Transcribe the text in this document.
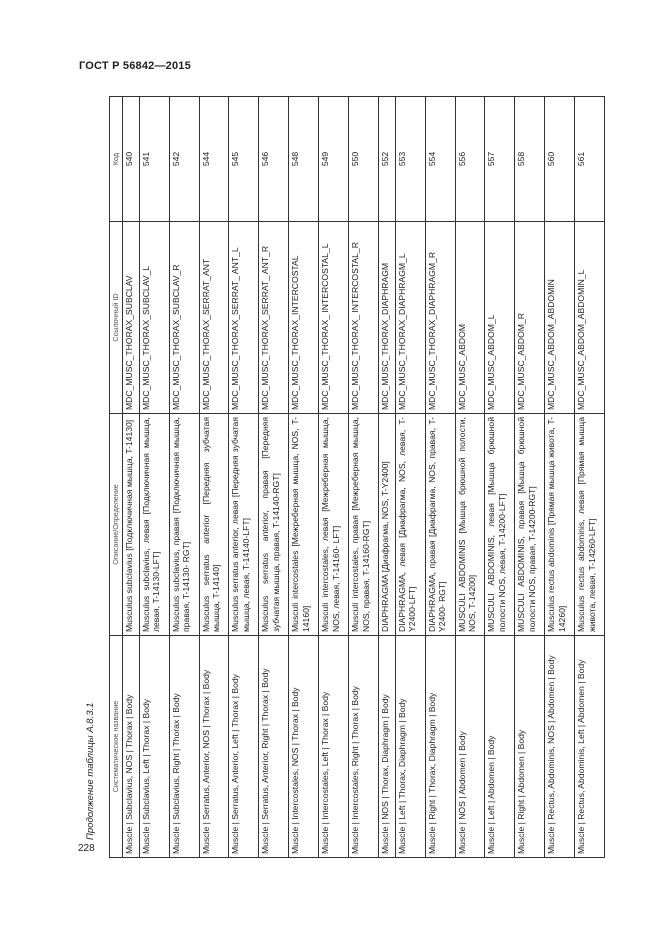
ГОСТ Р 56842—2015
Продолжение таблицы А.8.3.1
228
Систематическое название	Описание/Определение	Ссылочный ID	Код
Muscle | Subclavius, NOS | Thorax | Body	Musculus subclavius [Подключичная мышца, T-14130]	MDC_MUSC_THORAX_SUBCLAV	540
Muscle | Subclavius, Left | Thorax | Body	Musculus subclavius, левая [Подключичная мышца, левая, T-14130-LFT]	MDC_MUSC_THORAX_SUBCLAV_L	541
Muscle | Subclavius, Right | Thorax | Body	Musculus subclavius, правая [Подключичная мышца, правая, T-14130- RGT]	MDC_MUSC_THORAX_SUBCLAV_R	542
Muscle | Serratus, Anterior, NOS | Thorax | Body	Musculus serratus anterior [Передняя зубчатая мышца, T-14140]	MDC_MUSC_THORAX_SERRAT_ANT	544
Muscle | Serratus, Anterior, Left | Thorax | Body	Musculus serratus anterior, левая [Передняя зубчатая мышца, левая, T-14140-LFT]	MDC_MUSC_THORAX_SERRAT_ ANT_L	545
Muscle | Serratus, Anterior, Right | Thorax | Body	Musculus serratus anterior, правая [Передняя зубчатая мышца, правая, T-14140-RGT]	MDC_MUSC_THORAX_SERRAT_ ANT_R	546
Muscle | Intercostales, NOS | Thorax | Body	Musculi intercostales [Межреберная мышца, NOS, T-14160]	MDC_MUSC_THORAX_INTERCOSTAL	548
Muscle | Intercostales, Left | Thorax | Body	Musculi intercostales, левая [Межреберная мышца, NOS, левая, T-14160- LFT]	MDC_MUSC_THORAX_ INTERCOSTAL_L	549
Muscle | Intercostales, Right | Thorax | Body	Musculi intercostales, правая [Межреберная мышца, NOS, правая, T-14160-RGT]	MDC_MUSC_THORAX_ INTERCOSTAL_R	550
Muscle | NOS | Thorax, Diaphragm | Body	DIAPHRAGMA [Диафрагма, NOS, T-Y2400]	MDC_MUSC_THORAX_DIAPHRAGM	552
Muscle | Left | Thorax, Diaphragm | Body	DIAPHRAGMA, левая [Диафрагма, NOS, левая, T-Y2400-LFT]	MDC_MUSC_THORAX_DIAPHRAGM_L	553
Muscle | Right | Thorax, Diaphragm | Body	DIAPHRAGMA, правая [Диафрагма, NOS, правая, T-Y2400- RGT]	MDC_MUSC_THORAX_DIAPHRAGM_R	554
Muscle | NOS | Abdomen | Body	MUSCULI ABDOMINIS [Мышца брюшной полости, NOS, T-14200]	MDC_MUSC_ABDOM	556
Muscle | Left | Abdomen | Body	MUSCULI ABDOMINIS, левая [Мышца брюшной полости NOS, левая, T-14200-LFT]	MDC_MUSC_ABDOM_L	557
Muscle | Right | Abdomen | Body	MUSCULI ABDOMINIS, правая [Мышца брюшной полости NOS, правая, T-14200-RGT]	MDC_MUSC_ABDOM_R	558
Muscle | Rectus, Abdominis, NOS | Abdomen | Body	Musculus rectus abdominis [Прямая мышца живота, T-14260]	MDC_MUSC_ABDOM_ABDOMIN	560
Muscle | Rectus, Abdominis, Left | Abdomen | Body	Musculus rectus abdominis, левая [Прямая мышца живота, левая, T-14260-LFT]	MDC_MUSC_ABDOM_ABDOMIN_L	561
